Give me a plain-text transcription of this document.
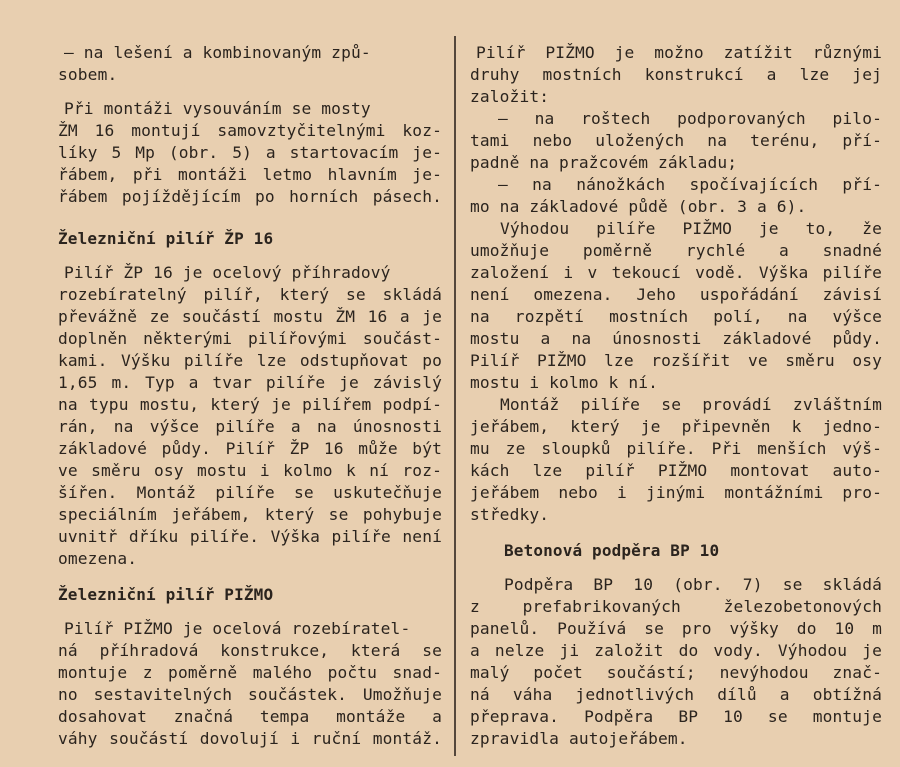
— na lešení a kombinovaným způ-
sobem.
Při montáži vysouváním se mosty
ŽM 16 montují samovztyčitelnými koz-
líky 5 Mp (obr. 5) a startovacím je-
řábem, při montáži letmo hlavním je-
řábem pojíždějícím po horních pásech.
Železniční pilíř ŽP 16
Pilíř ŽP 16 je ocelový příhradový
rozebíratelný pilíř, který se skládá
převážně ze součástí mostu ŽM 16 a je
doplněn některými pilířovými součást-
kami. Výšku pilíře lze odstupňovat po
1,65 m. Typ a tvar pilíře je závislý
na typu mostu, který je pilířem podpí-
rán, na výšce pilíře a na únosnosti
základové půdy. Pilíř ŽP 16 může být
ve směru osy mostu i kolmo k ní roz-
šířen. Montáž pilíře se uskutečňuje
speciálním jeřábem, který se pohybuje
uvnitř dříku pilíře. Výška pilíře není
omezena.
Železniční pilíř PIŽMO
Pilíř PIŽMO je ocelová rozebíratel-
ná příhradová konstrukce, která se
montuje z poměrně malého počtu snad-
no sestavitelných součástek. Umožňuje
dosahovat značná tempa montáže a
váhy součástí dovolují i ruční montáž.
Pilíř PIŽMO je možno zatížit různými
druhy mostních konstrukcí a lze jej
založit:
— na roštech podporovaných pilo-
tami nebo uložených na terénu, pří-
padně na pražcovém základu;
— na nánožkách spočívajících pří-
mo na základové půdě (obr. 3 a 6).
Výhodou pilíře PIŽMO je to, že
umožňuje poměrně rychlé a snadné
založení i v tekoucí vodě. Výška pilíře
není omezena. Jeho uspořádání závisí
na rozpětí mostních polí, na výšce
mostu a na únosnosti základové půdy.
Pilíř PIŽMO lze rozšířit ve směru osy
mostu i kolmo k ní.
Montáž pilíře se provádí zvláštním
jeřábem, který je připevněn k jedno-
mu ze sloupků pilíře. Při menších výš-
kách lze pilíř PIŽMO montovat auto-
jeřábem nebo i jinými montážními pro-
středky.
Betonová podpěra BP 10
Podpěra BP 10 (obr. 7) se skládá
z prefabrikovaných železobetonových
panelů. Používá se pro výšky do 10 m
a nelze ji založit do vody. Výhodou je
malý počet součástí; nevýhodou znač-
ná váha jednotlivých dílů a obtížná
přeprava. Podpěra BP 10 se montuje
zpravidla autojeřábem.
